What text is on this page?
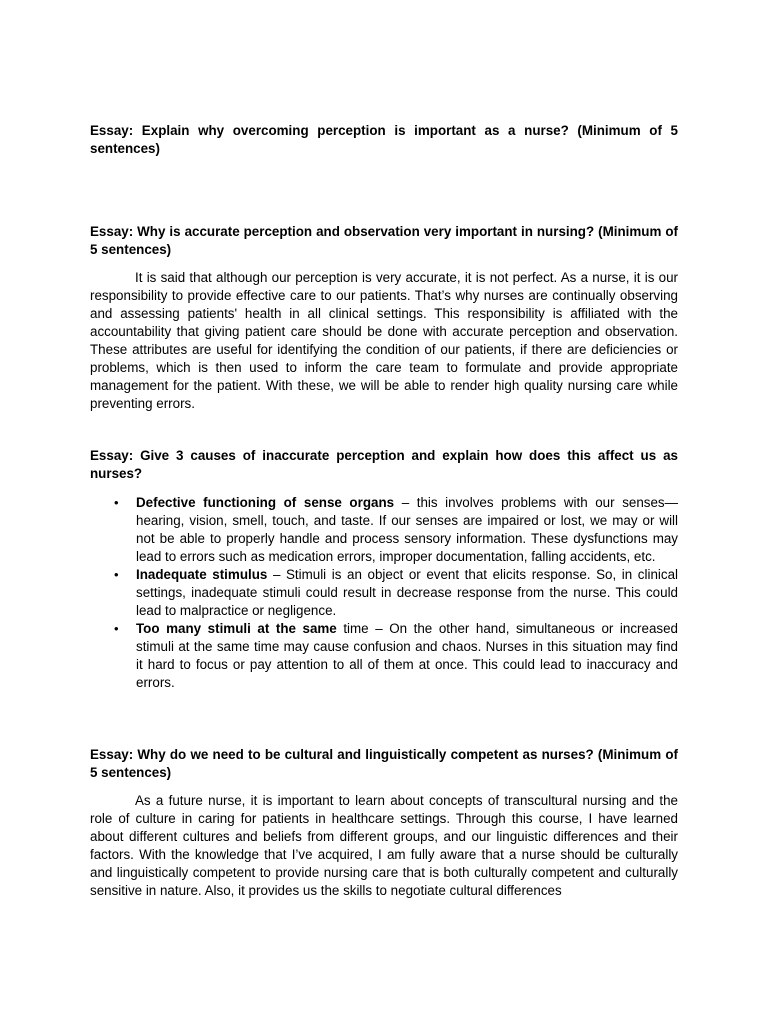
Essay: Explain why overcoming perception is important as a nurse? (Minimum of 5 sentences)

Essay: Why is accurate perception and observation very important in nursing? (Minimum of 5 sentences)

It is said that although our perception is very accurate, it is not perfect. As a nurse, it is our responsibility to provide effective care to our patients. That’s why nurses are continually observing and assessing patients' health in all clinical settings. This responsibility is affiliated with the accountability that giving patient care should be done with accurate perception and observation. These attributes are useful for identifying the condition of our patients, if there are deficiencies or problems, which is then used to inform the care team to formulate and provide appropriate management for the patient. With these, we will be able to render high quality nursing care while preventing errors.

Essay: Give 3 causes of inaccurate perception and explain how does this affect us as nurses?

• Defective functioning of sense organs – this involves problems with our senses—hearing, vision, smell, touch, and taste. If our senses are impaired or lost, we may or will not be able to properly handle and process sensory information. These dysfunctions may lead to errors such as medication errors, improper documentation, falling accidents, etc.
• Inadequate stimulus – Stimuli is an object or event that elicits response. So, in clinical settings, inadequate stimuli could result in decrease response from the nurse. This could lead to malpractice or negligence.
• Too many stimuli at the same time – On the other hand, simultaneous or increased stimuli at the same time may cause confusion and chaos. Nurses in this situation may find it hard to focus or pay attention to all of them at once. This could lead to inaccuracy and errors.

Essay: Why do we need to be cultural and linguistically competent as nurses? (Minimum of 5 sentences)

As a future nurse, it is important to learn about concepts of transcultural nursing and the role of culture in caring for patients in healthcare settings. Through this course, I have learned about different cultures and beliefs from different groups, and our linguistic differences and their factors. With the knowledge that I’ve acquired, I am fully aware that a nurse should be culturally and linguistically competent to provide nursing care that is both culturally competent and culturally sensitive in nature. Also, it provides us the skills to negotiate cultural differences
